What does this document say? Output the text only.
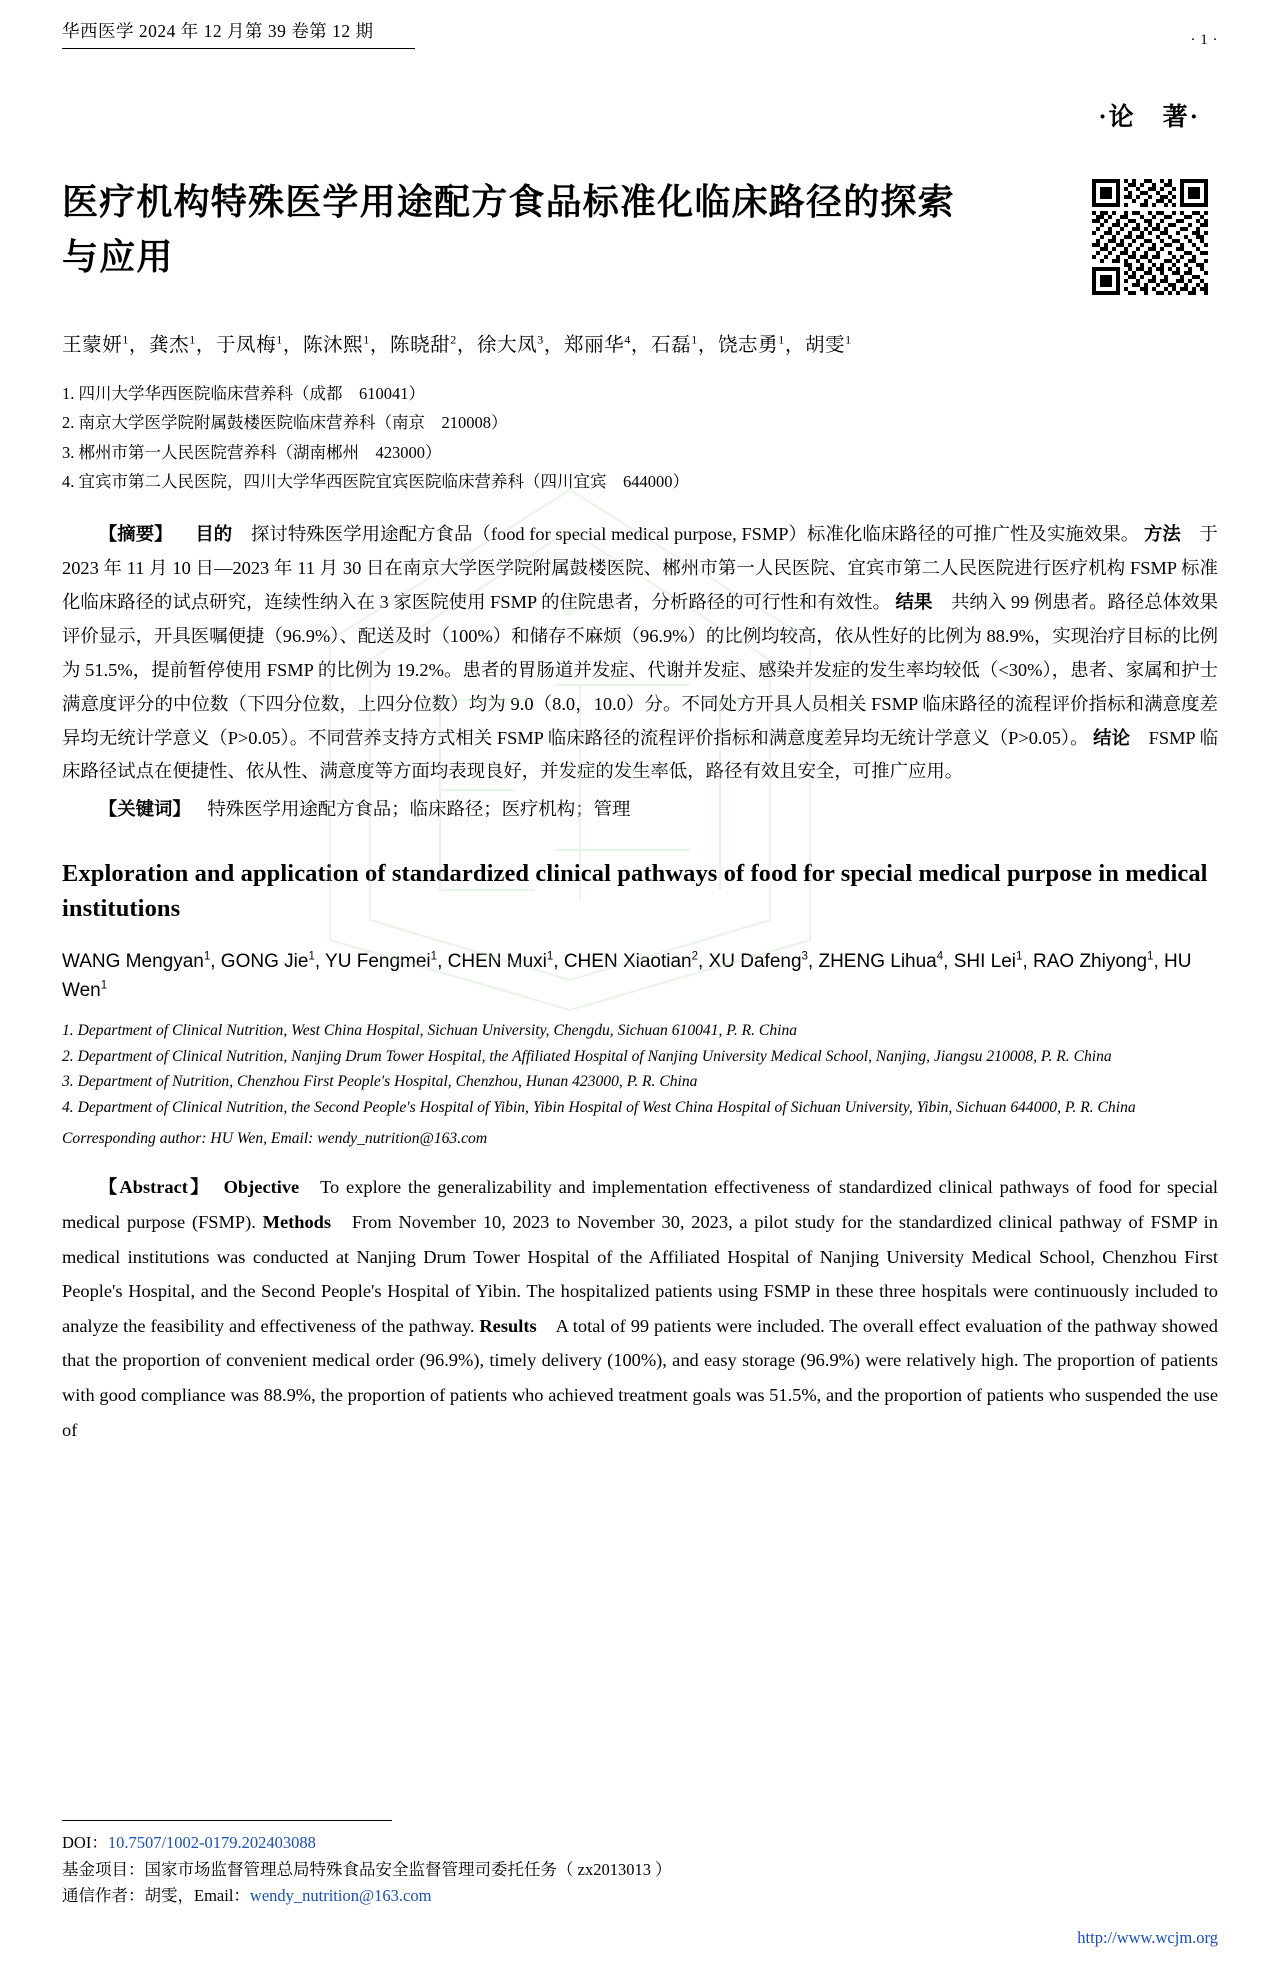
华西医学 2024 年 12 月第 39 卷第 12 期	· 1 ·
·论　著·
医疗机构特殊医学用途配方食品标准化临床路径的探索与应用
王蒙妍$^1$，龚杰$^1$，于凤梅$^1$，陈沐熙$^1$，陈晓甜$^2$，徐大凤$^3$，郑丽华$^4$，石磊$^1$，饶志勇$^1$，胡雯$^1$
1. 四川大学华西医院临床营养科（成都　610041）
2. 南京大学医学院附属鼓楼医院临床营养科（南京　210008）
3. 郴州市第一人民医院营养科（湖南郴州　423000）
4. 宜宾市第二人民医院，四川大学华西医院宜宾医院临床营养科（四川宜宾　644000）
【摘要】 目的 探讨特殊医学用途配方食品（food for special medical purpose, FSMP）标准化临床路径的可推广性及实施效果。 方法 于 2023 年 11 月 10 日—2023 年 11 月 30 日在南京大学医学院附属鼓楼医院、郴州市第一人民医院、宜宾市第二人民医院进行医疗机构 FSMP 标准化临床路径的试点研究，连续性纳入在 3 家医院使用 FSMP 的住院患者，分析路径的可行性和有效性。 结果 共纳入 99 例患者。路径总体效果评价显示，开具医嘱便捷（96.9%）、配送及时（100%）和储存不麻烦（96.9%）的比例均较高，依从性好的比例为 88.9%，实现治疗目标的比例为 51.5%，提前暂停使用 FSMP 的比例为 19.2%。患者的胃肠道并发症、代谢并发症、感染并发症的发生率均较低（<30%），患者、家属和护士满意度评分的中位数（下四分位数，上四分位数）均为 9.0（8.0，10.0）分。不同处方开具人员相关 FSMP 临床路径的流程评价指标和满意度差异均无统计学意义（P>0.05）。不同营养支持方式相关 FSMP 临床路径的流程评价指标和满意度差异均无统计学意义（P>0.05）。 结论 FSMP 临床路径试点在便捷性、依从性、满意度等方面均表现良好，并发症的发生率低，路径有效且安全，可推广应用。
【关键词】 特殊医学用途配方食品；临床路径；医疗机构；管理
Exploration and application of standardized clinical pathways of food for special medical purpose in medical institutions
WANG Mengyan$^1$, GONG Jie$^1$, YU Fengmei$^1$, CHEN Muxi$^1$, CHEN Xiaotian$^2$, XU Dafeng$^3$, ZHENG Lihua$^4$, SHI Lei$^1$, RAO Zhiyong$^1$, HU Wen$^1$
1. Department of Clinical Nutrition, West China Hospital, Sichuan University, Chengdu, Sichuan 610041, P. R. China
2. Department of Clinical Nutrition, Nanjing Drum Tower Hospital, the Affiliated Hospital of Nanjing University Medical School, Nanjing, Jiangsu 210008, P. R. China
3. Department of Nutrition, Chenzhou First People's Hospital, Chenzhou, Hunan 423000, P. R. China
4. Department of Clinical Nutrition, the Second People's Hospital of Yibin, Yibin Hospital of West China Hospital of Sichuan University, Yibin, Sichuan 644000, P. R. China
Corresponding author: HU Wen, Email: wendy_nutrition@163.com
【Abstract】 Objective To explore the generalizability and implementation effectiveness of standardized clinical pathways of food for special medical purpose (FSMP). Methods From November 10, 2023 to November 30, 2023, a pilot study for the standardized clinical pathway of FSMP in medical institutions was conducted at Nanjing Drum Tower Hospital of the Affiliated Hospital of Nanjing University Medical School, Chenzhou First People's Hospital, and the Second People's Hospital of Yibin. The hospitalized patients using FSMP in these three hospitals were continuously included to analyze the feasibility and effectiveness of the pathway. Results A total of 99 patients were included. The overall effect evaluation of the pathway showed that the proportion of convenient medical order (96.9%), timely delivery (100%), and easy storage (96.9%) were relatively high. The proportion of patients with good compliance was 88.9%, the proportion of patients who achieved treatment goals was 51.5%, and the proportion of patients who suspended the use of
DOI：10.7507/1002-0179.202403088
基金项目：国家市场监督管理总局特殊食品安全监督管理司委托任务（ zx2013013 ）
通信作者：胡雯，Email：wendy_nutrition@163.com
http://www.wcjm.org
